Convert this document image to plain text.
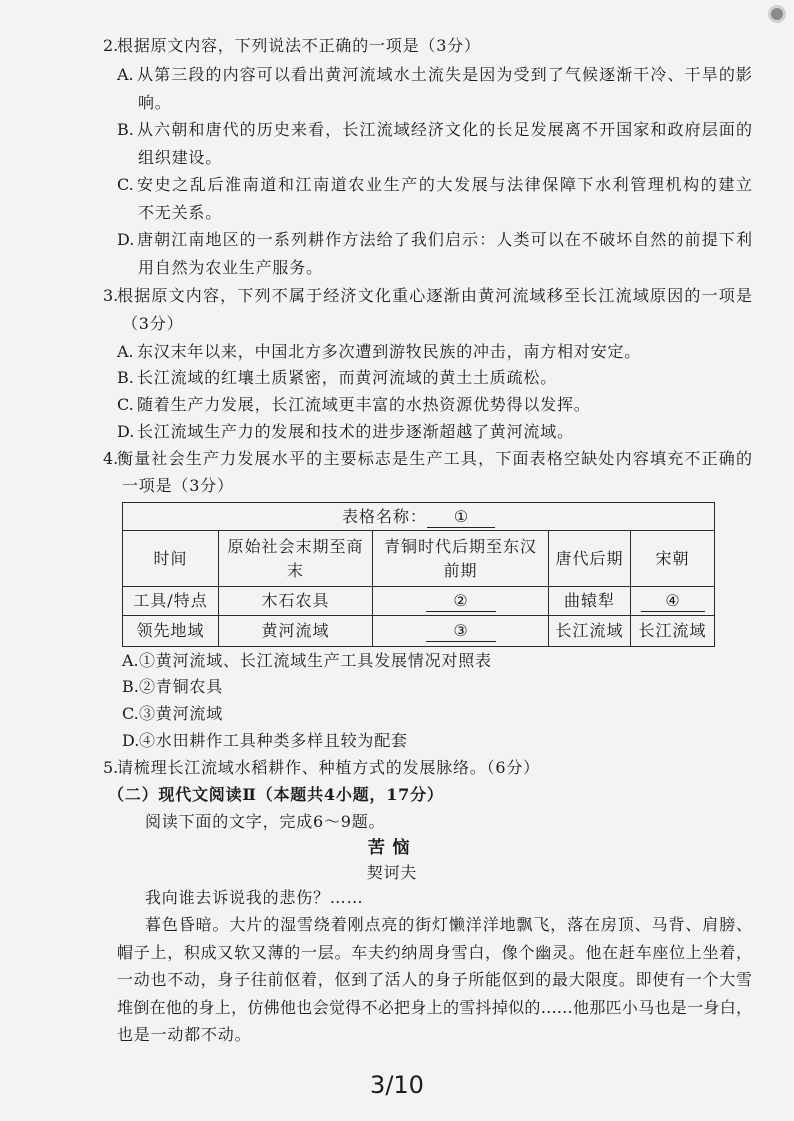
2.
根据原文内容，下列说法不正确的一项是（3分）
A. 从第三段的内容可以看出黄河流域水土流失是因为受到了气候逐渐干冷、干旱的影
响。
B. 从六朝和唐代的历史来看，长江流域经济文化的长足发展离不开国家和政府层面的
组织建设。
C. 安史之乱后淮南道和江南道农业生产的大发展与法律保障下水利管理机构的建立
不无关系。
D. 唐朝江南地区的一系列耕作方法给了我们启示：人类可以在不破坏自然的前提下利
用自然为农业生产服务。
3.
根据原文内容，下列不属于经济文化重心逐渐由黄河流域移至长江流域原因的一项是
（3分）
A. 东汉末年以来，中国北方多次遭到游牧民族的冲击，南方相对安定。
B. 长江流域的红壤土质紧密，而黄河流域的黄土土质疏松。
C. 随着生产力发展，长江流域更丰富的水热资源优势得以发挥。
D. 长江流域生产力的发展和技术的进步逐渐超越了黄河流域。
4.
衡量社会生产力发展水平的主要标志是生产工具，下面表格空缺处内容填充不正确的
一项是（3分）
表格名称： ①				
时间	原始社会末期至商末	青铜时代后期至东汉前期	唐代后期	宋朝
工具/特点	木石农具	②	曲辕犁	④
领先地域	黄河流域	③	长江流域	长江流域
A. ①黄河流域、长江流域生产工具发展情况对照表
B. ②青铜农具
C. ③黄河流域
D. ④水田耕作工具种类多样且较为配套
5.
请梳理长江流域水稻耕作、种植方式的发展脉络。（6分）
（二）现代文阅读Ⅱ（本题共4小题，17分）
阅读下面的文字，完成6～9题。
苦 恼
契诃夫
我向谁去诉说我的悲伤？……
暮色昏暗。大片的湿雪绕着刚点亮的街灯懒洋洋地飘飞，落在房顶、马背、肩膀、
帽子上，积成又软又薄的一层。车夫约纳周身雪白，像个幽灵。他在赶车座位上坐着，
一动也不动，身子往前伛着，伛到了活人的身子所能伛到的最大限度。即使有一个大雪
堆倒在他的身上，仿佛他也会觉得不必把身上的雪抖掉似的……他那匹小马也是一身白，
也是一动都不动。
3/10
